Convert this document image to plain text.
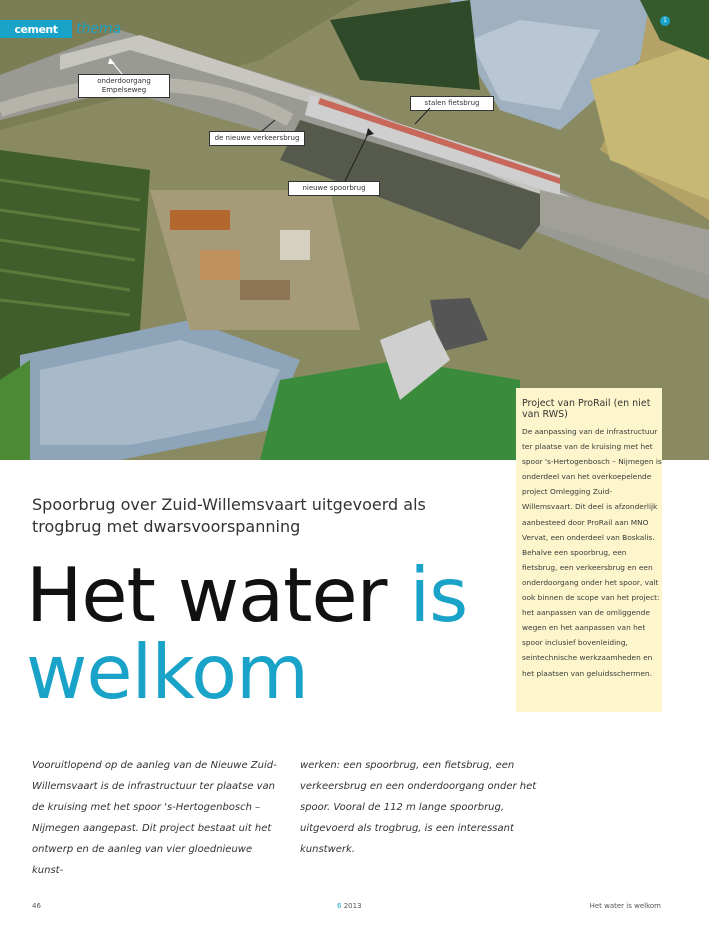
cement thema
1
onderdoorgang Empelseweg
stalen fietsbrug
de nieuwe verkeersbrug
nieuwe spoorbrug
Project van ProRail (en niet van RWS)
De aanpassing van de infrastructuur ter plaatse van de kruising met het spoor 's-Hertogenbosch – Nijmegen is onderdeel van het overkoepelende project Omlegging Zuid-Willemsvaart. Dit deel is afzonderlijk aanbesteed door ProRail aan MNO Vervat, een onderdeel van Boskalis. Behalve een spoorbrug, een fietsbrug, een verkeersbrug en een onderdoorgang onder het spoor, valt ook binnen de scope van het project: het aanpassen van de omliggende wegen en het aanpassen van het spoor inclusief bovenleiding, seintechnische werkzaamheden en het plaatsen van geluidsschermen.
Spoorbrug over Zuid-Willemsvaart uitgevoerd als trogbrug met dwarsvoorspanning
Het water is
welkom
Vooruitlopend op de aanleg van de Nieuwe Zuid-Willemsvaart is de infrastructuur ter plaatse van de kruising met het spoor 's-Hertogenbosch – Nijmegen aangepast. Dit project bestaat uit het ontwerp en de aanleg van vier gloednieuwe kunst-
werken: een spoorbrug, een fietsbrug, een verkeersbrug en een onderdoorgang onder het spoor. Vooral de 112 m lange spoorbrug, uitgevoerd als trogbrug, is een interessant kunstwerk.
46	6 2013	Het water is welkom
